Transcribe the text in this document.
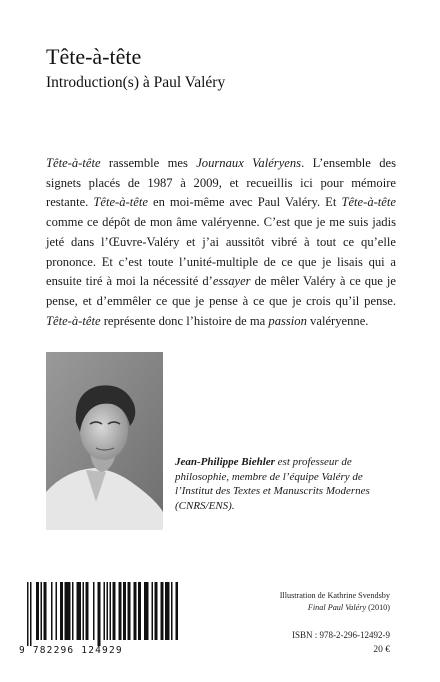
Tête-à-tête
Introduction(s) à Paul Valéry
Tête-à-tête rassemble mes Journaux Valéryens. L’ensemble des signets placés de 1987 à 2009, et recueillis ici pour mémoire restante. Tête-à-tête en moi-même avec Paul Valéry. Et Tête-à-tête comme ce dépôt de mon âme valéryenne. C’est que je me suis jadis jeté dans l’Œuvre-Valéry et j’ai aussitôt vibré à tout ce qu’elle prononce. Et c’est toute l’unité-multiple de ce que je lisais qui a ensuite tiré à moi la nécessité d’essayer de mêler Valéry à ce que je pense, et d’emmêler ce que je pense à ce que je crois qu’il pense. Tête-à-tête représente donc l’histoire de ma passion valéryenne.
Jean-Philippe Biehler est professeur de philosophie, membre de l’équipe Valéry de l’Institut des Textes et Manuscrits Modernes (CNRS/ENS).
Illustration de Kathrine Svendsby
Final Paul Valéry (2010)
9 782296 124929
ISBN : 978-2-296-12492-9
20 €
